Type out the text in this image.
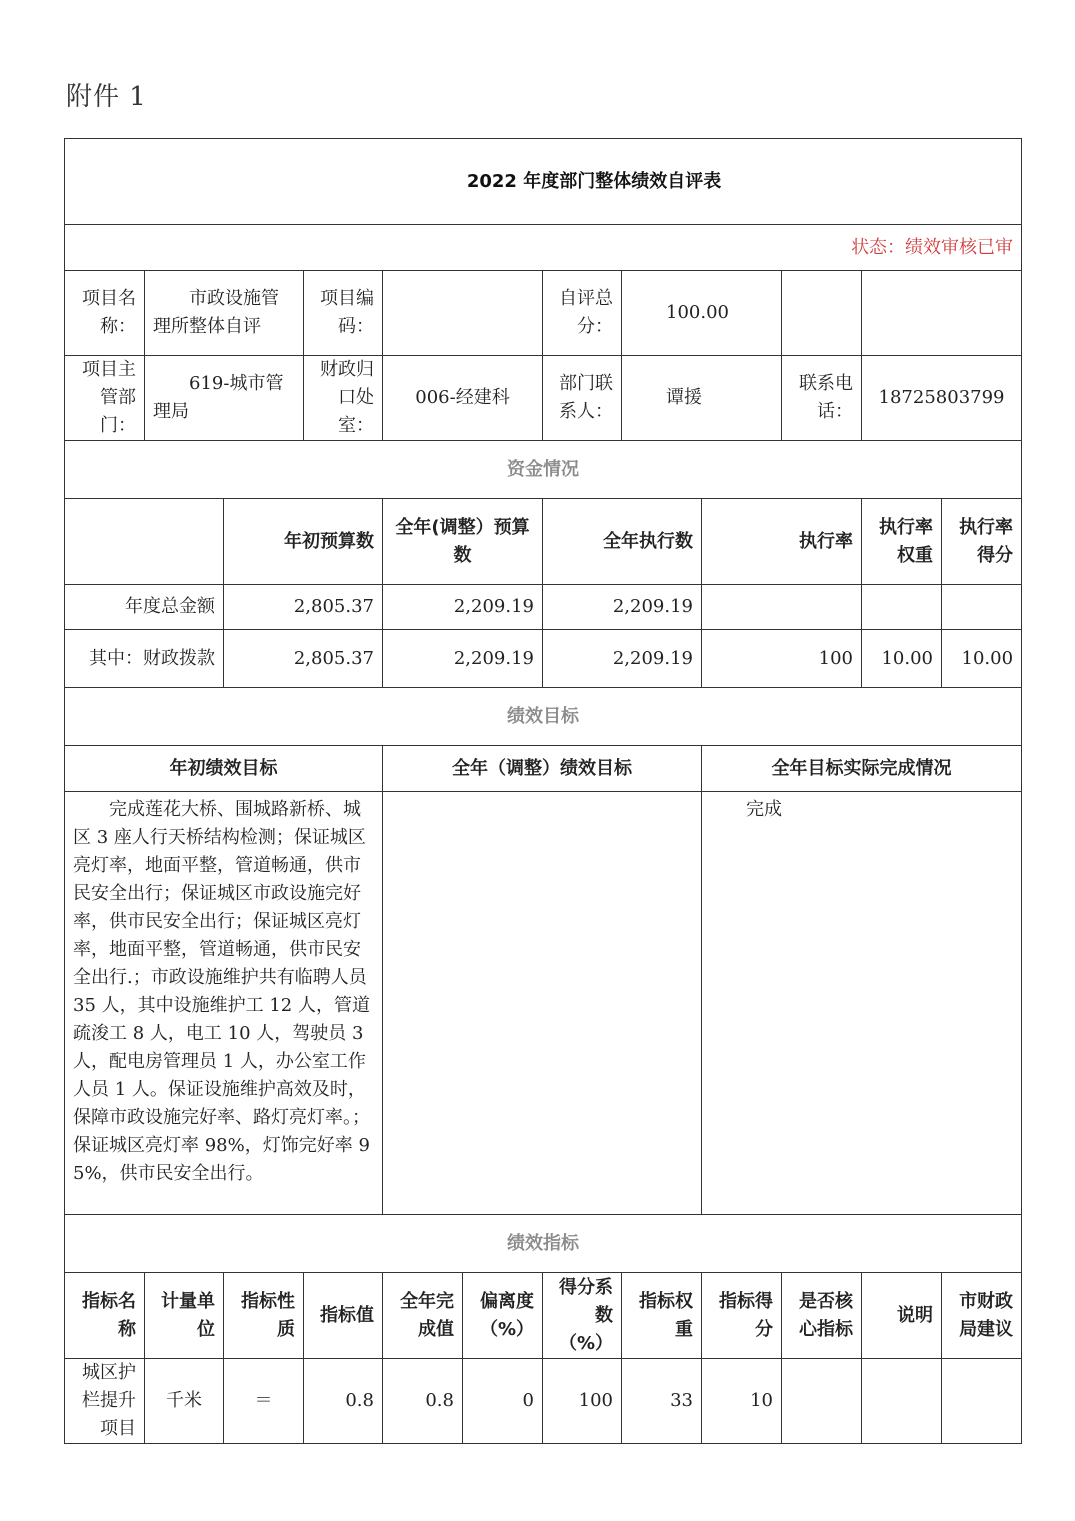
附件 1
2022 年度部门整体绩效自评表											
状态：绩效审核已审											
项目名称：	市政设施管理所整体自评		项目编码：			自评总分：	100.00				
项目主管部门：	619-城市管理局		财政归口处室：	006-经建科		部门联系人：	谭援		联系电话：	18725803799	
资金情况											
		年初预算数		全年(调整）预算数		全年执行数		执行率		执行率权重	执行率得分
年度总金额		2,805.37		2,209.19		2,209.19					
其中：财政拨款		2,805.37		2,209.19		2,209.19		100		10.00	10.00
绩效目标											
年初绩效目标				全年（调整）绩效目标				全年目标实际完成情况			
完成莲花大桥、围城路新桥、城区 3 座人行天桥结构检测；保证城区亮灯率，地面平整，管道畅通，供市民安全出行；保证城区市政设施完好率，供市民安全出行；保证城区亮灯率，地面平整，管道畅通，供市民安全出行.；市政设施维护共有临聘人员 35 人，其中设施维护工 12 人，管道疏浚工 8 人，电工 10 人，驾驶员 3 人，配电房管理员 1 人，办公室工作人员 1 人。保证设施维护高效及时，保障市政设施完好率、路灯亮灯率。；保证城区亮灯率 98%，灯饰完好率 95%，供市民安全出行。								完成			
绩效指标											
指标名称	计量单位	指标性质	指标值	全年完成值	偏离度（%）	得分系数（%）	指标权重	指标得分	是否核心指标	说明	市财政局建议
城区护栏提升项目	千米	＝	0.8	0.8	0	100	33	10			
